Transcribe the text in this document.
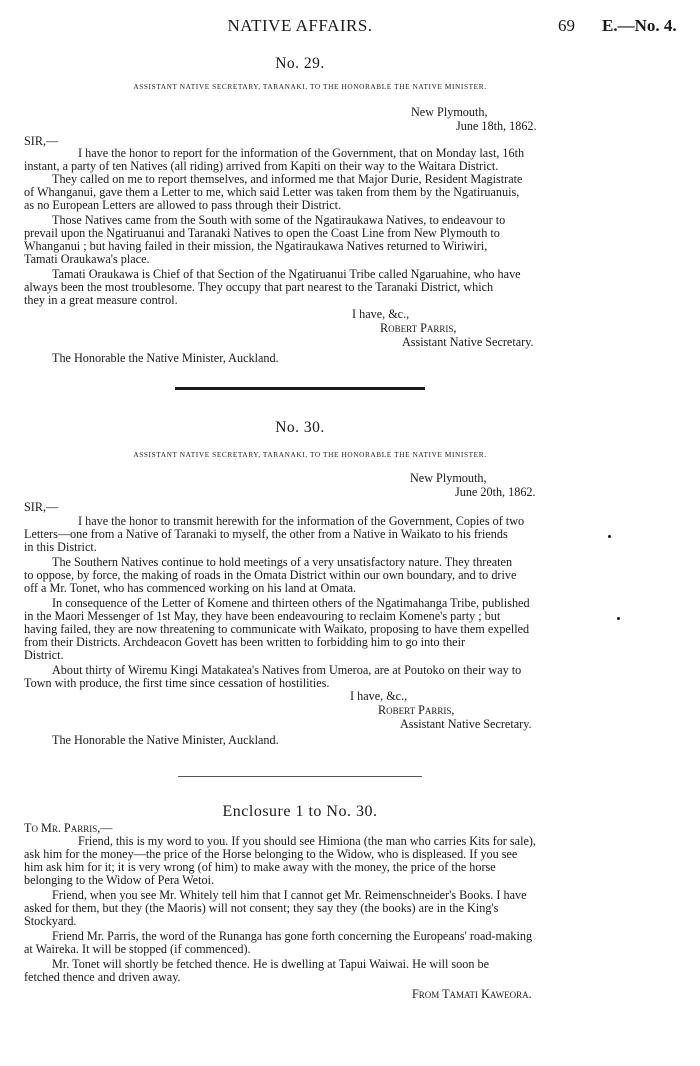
NATIVE AFFAIRS.	69 E.—No. 4.
No. 29.
ASSISTANT NATIVE SECRETARY, TARANAKI, TO THE HONORABLE THE NATIVE MINISTER.
New Plymouth,
June 18th, 1862.
SIR,—
I have the honor to report for the information of the Government, that on Monday last, 16th
instant, a party of ten Natives (all riding) arrived from Kapiti on their way to the Waitara District.
They called on me to report themselves, and informed me that Major Durie, Resident Magistrate
of Whanganui, gave them a Letter to me, which said Letter was taken from them by the Ngatiruanuis,
as no European Letters are allowed to pass through their District.
Those Natives came from the South with some of the Ngatiraukawa Natives, to endeavour to
prevail upon the Ngatiruanui and Taranaki Natives to open the Coast Line from New Plymouth to
Whanganui ; but having failed in their mission, the Ngatiraukawa Natives returned to Wiriwiri,
Tamati Oraukawa's place.
Tamati Oraukawa is Chief of that Section of the Ngatiruanui Tribe called Ngaruahine, who have
always been the most troublesome. They occupy that part nearest to the Taranaki District, which
they in a great measure control.
I have, &c.,
Robert Parris,
Assistant Native Secretary.
The Honorable the Native Minister, Auckland.
No. 30.
ASSISTANT NATIVE SECRETARY, TARANAKI, TO THE HONORABLE THE NATIVE MINISTER.
New Plymouth,
June 20th, 1862.
SIR,—
I have the honor to transmit herewith for the information of the Government, Copies of two
Letters—one from a Native of Taranaki to myself, the other from a Native in Waikato to his friends
in this District.
The Southern Natives continue to hold meetings of a very unsatisfactory nature. They threaten
to oppose, by force, the making of roads in the Omata District within our own boundary, and to drive
off a Mr. Tonet, who has commenced working on his land at Omata.
In consequence of the Letter of Komene and thirteen others of the Ngatimahanga Tribe, published
in the Maori Messenger of 1st May, they have been endeavouring to reclaim Komene's party ; but
having failed, they are now threatening to communicate with Waikato, proposing to have them expelled
from their Districts. Archdeacon Govett has been written to forbidding him to go into their
District.
About thirty of Wiremu Kingi Matakatea's Natives from Umeroa, are at Poutoko on their way to
Town with produce, the first time since cessation of hostilities.
I have, &c.,
Robert Parris,
Assistant Native Secretary.
The Honorable the Native Minister, Auckland.
Enclosure 1 to No. 30.
To Mr. Parris,—
Friend, this is my word to you. If you should see Himiona (the man who carries Kits for sale),
ask him for the money—the price of the Horse belonging to the Widow, who is displeased. If you see
him ask him for it; it is very wrong (of him) to make away with the money, the price of the horse
belonging to the Widow of Pera Wetoi.
Friend, when you see Mr. Whitely tell him that I cannot get Mr. Reimenschneider's Books. I have
asked for them, but they (the Maoris) will not consent; they say they (the books) are in the King's
Stockyard.
Friend Mr. Parris, the word of the Runanga has gone forth concerning the Europeans' road-making
at Waireka. It will be stopped (if commenced).
Mr. Tonet will shortly be fetched thence. He is dwelling at Tapui Waiwai. He will soon be
fetched thence and driven away.
From Tamati Kaweora.
